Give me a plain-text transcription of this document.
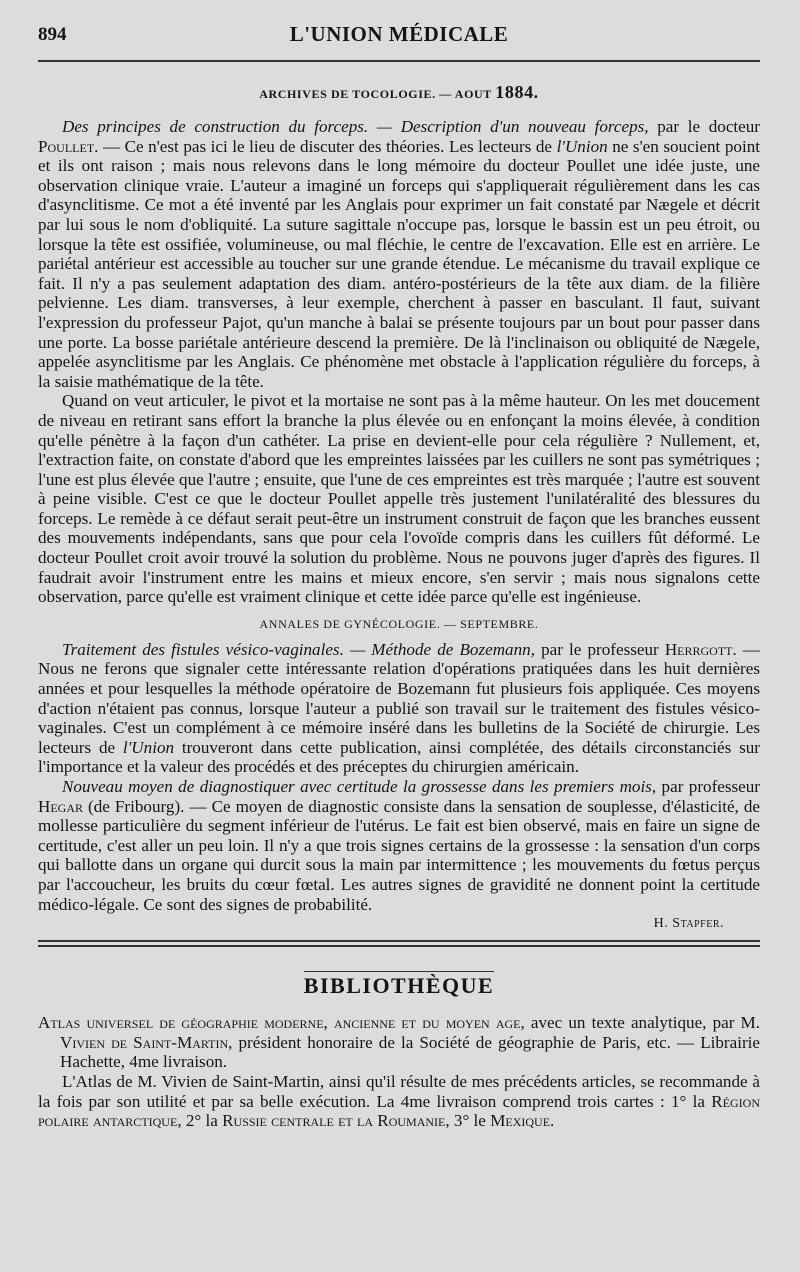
894	L'UNION MÉDICALE
ARCHIVES DE TOCOLOGIE. — AOUT 1884.

Des principes de construction du forceps. — Description d'un nouveau forceps, par le docteur Poullet. — Ce n'est pas ici le lieu de discuter des théories. Les lecteurs de l'Union ne s'en soucient point et ils ont raison ; mais nous relevons dans le long mémoire du docteur Poullet une idée juste, une observation clinique vraie. L'auteur a imaginé un forceps qui s'appliquerait régulièrement dans les cas d'asynclitisme. Ce mot a été inventé par les Anglais pour exprimer un fait constaté par Nægele et décrit par lui sous le nom d'obliquité. La suture sagittale n'occupe pas, lorsque le bassin est un peu étroit, ou lorsque la tête est ossifiée, volumineuse, ou mal fléchie, le centre de l'excavation. Elle est en arrière. Le pariétal antérieur est accessible au toucher sur une grande étendue. Le mécanisme du travail explique ce fait. Il n'y a pas seulement adaptation des diam. antéro-postérieurs de la tête aux diam. de la filière pelvienne. Les diam. transverses, à leur exemple, cherchent à passer en basculant. Il faut, suivant l'expression du professeur Pajot, qu'un manche à balai se présente toujours par un bout pour passer dans une porte. La bosse pariétale antérieure descend la première. De là l'inclinaison ou obliquité de Nægele, appelée asynclitisme par les Anglais. Ce phénomène met obstacle à l'application régulière du forceps, à la saisie mathématique de la tête.

Quand on veut articuler, le pivot et la mortaise ne sont pas à la même hauteur. On les met doucement de niveau en retirant sans effort la branche la plus élevée ou en enfonçant la moins élevée, à condition qu'elle pénètre à la façon d'un cathéter. La prise en devient-elle pour cela régulière ? Nullement, et, l'extraction faite, on constate d'abord que les empreintes laissées par les cuillers ne sont pas symétriques ; l'une est plus élevée que l'autre ; ensuite, que l'une de ces empreintes est très marquée ; l'autre est souvent à peine visible. C'est ce que le docteur Poullet appelle très justement l'unilatéralité des blessures du forceps. Le remède à ce défaut serait peut-être un instrument construit de façon que les branches eussent des mouvements indépendants, sans que pour cela l'ovoïde compris dans les cuillers fût déformé. Le docteur Poullet croit avoir trouvé la solution du problème. Nous ne pouvons juger d'après des figures. Il faudrait avoir l'instrument entre les mains et mieux encore, s'en servir ; mais nous signalons cette observation, parce qu'elle est vraiment clinique et cette idée parce qu'elle est ingénieuse.

ANNALES DE GYNÉCOLOGIE. — SEPTEMBRE.

Traitement des fistules vésico-vaginales. — Méthode de Bozemann, par le professeur Herrgott. — Nous ne ferons que signaler cette intéressante relation d'opérations pratiquées dans les huit dernières années et pour lesquelles la méthode opératoire de Bozemann fut plusieurs fois appliquée. Ces moyens d'action n'étaient pas connus, lorsque l'auteur a publié son travail sur le traitement des fistules vésico-vaginales. C'est un complément à ce mémoire inséré dans les bulletins de la Société de chirurgie. Les lecteurs de l'Union trouveront dans cette publication, ainsi complétée, des détails circonstanciés sur l'importance et la valeur des procédés et des préceptes du chirurgien américain.

Nouveau moyen de diagnostiquer avec certitude la grossesse dans les premiers mois, par professeur Hegar (de Fribourg). — Ce moyen de diagnostic consiste dans la sensation de souplesse, d'élasticité, de mollesse particulière du segment inférieur de l'utérus. Le fait est bien observé, mais en faire un signe de certitude, c'est aller un peu loin. Il n'y a que trois signes certains de la grossesse : la sensation d'un corps qui ballotte dans un organe qui durcit sous la main par intermittence ; les mouvements du fœtus perçus par l'accoucheur, les bruits du cœur fœtal. Les autres signes de gravidité ne donnent point la certitude médico-légale. Ce sont des signes de probabilité.

H. Stapfer.
BIBLIOTHÈQUE

Atlas universel de géographie moderne, ancienne et du moyen age, avec un texte analytique, par M. Vivien de Saint-Martin, président honoraire de la Société de géographie de Paris, etc. — Librairie Hachette, 4me livraison.

L'Atlas de M. Vivien de Saint-Martin, ainsi qu'il résulte de mes précédents articles, se recommande à la fois par son utilité et par sa belle exécution. La 4me livraison comprend trois cartes : 1° la Région polaire antarctique, 2° la Russie centrale et la Roumanie, 3° le Mexique.
